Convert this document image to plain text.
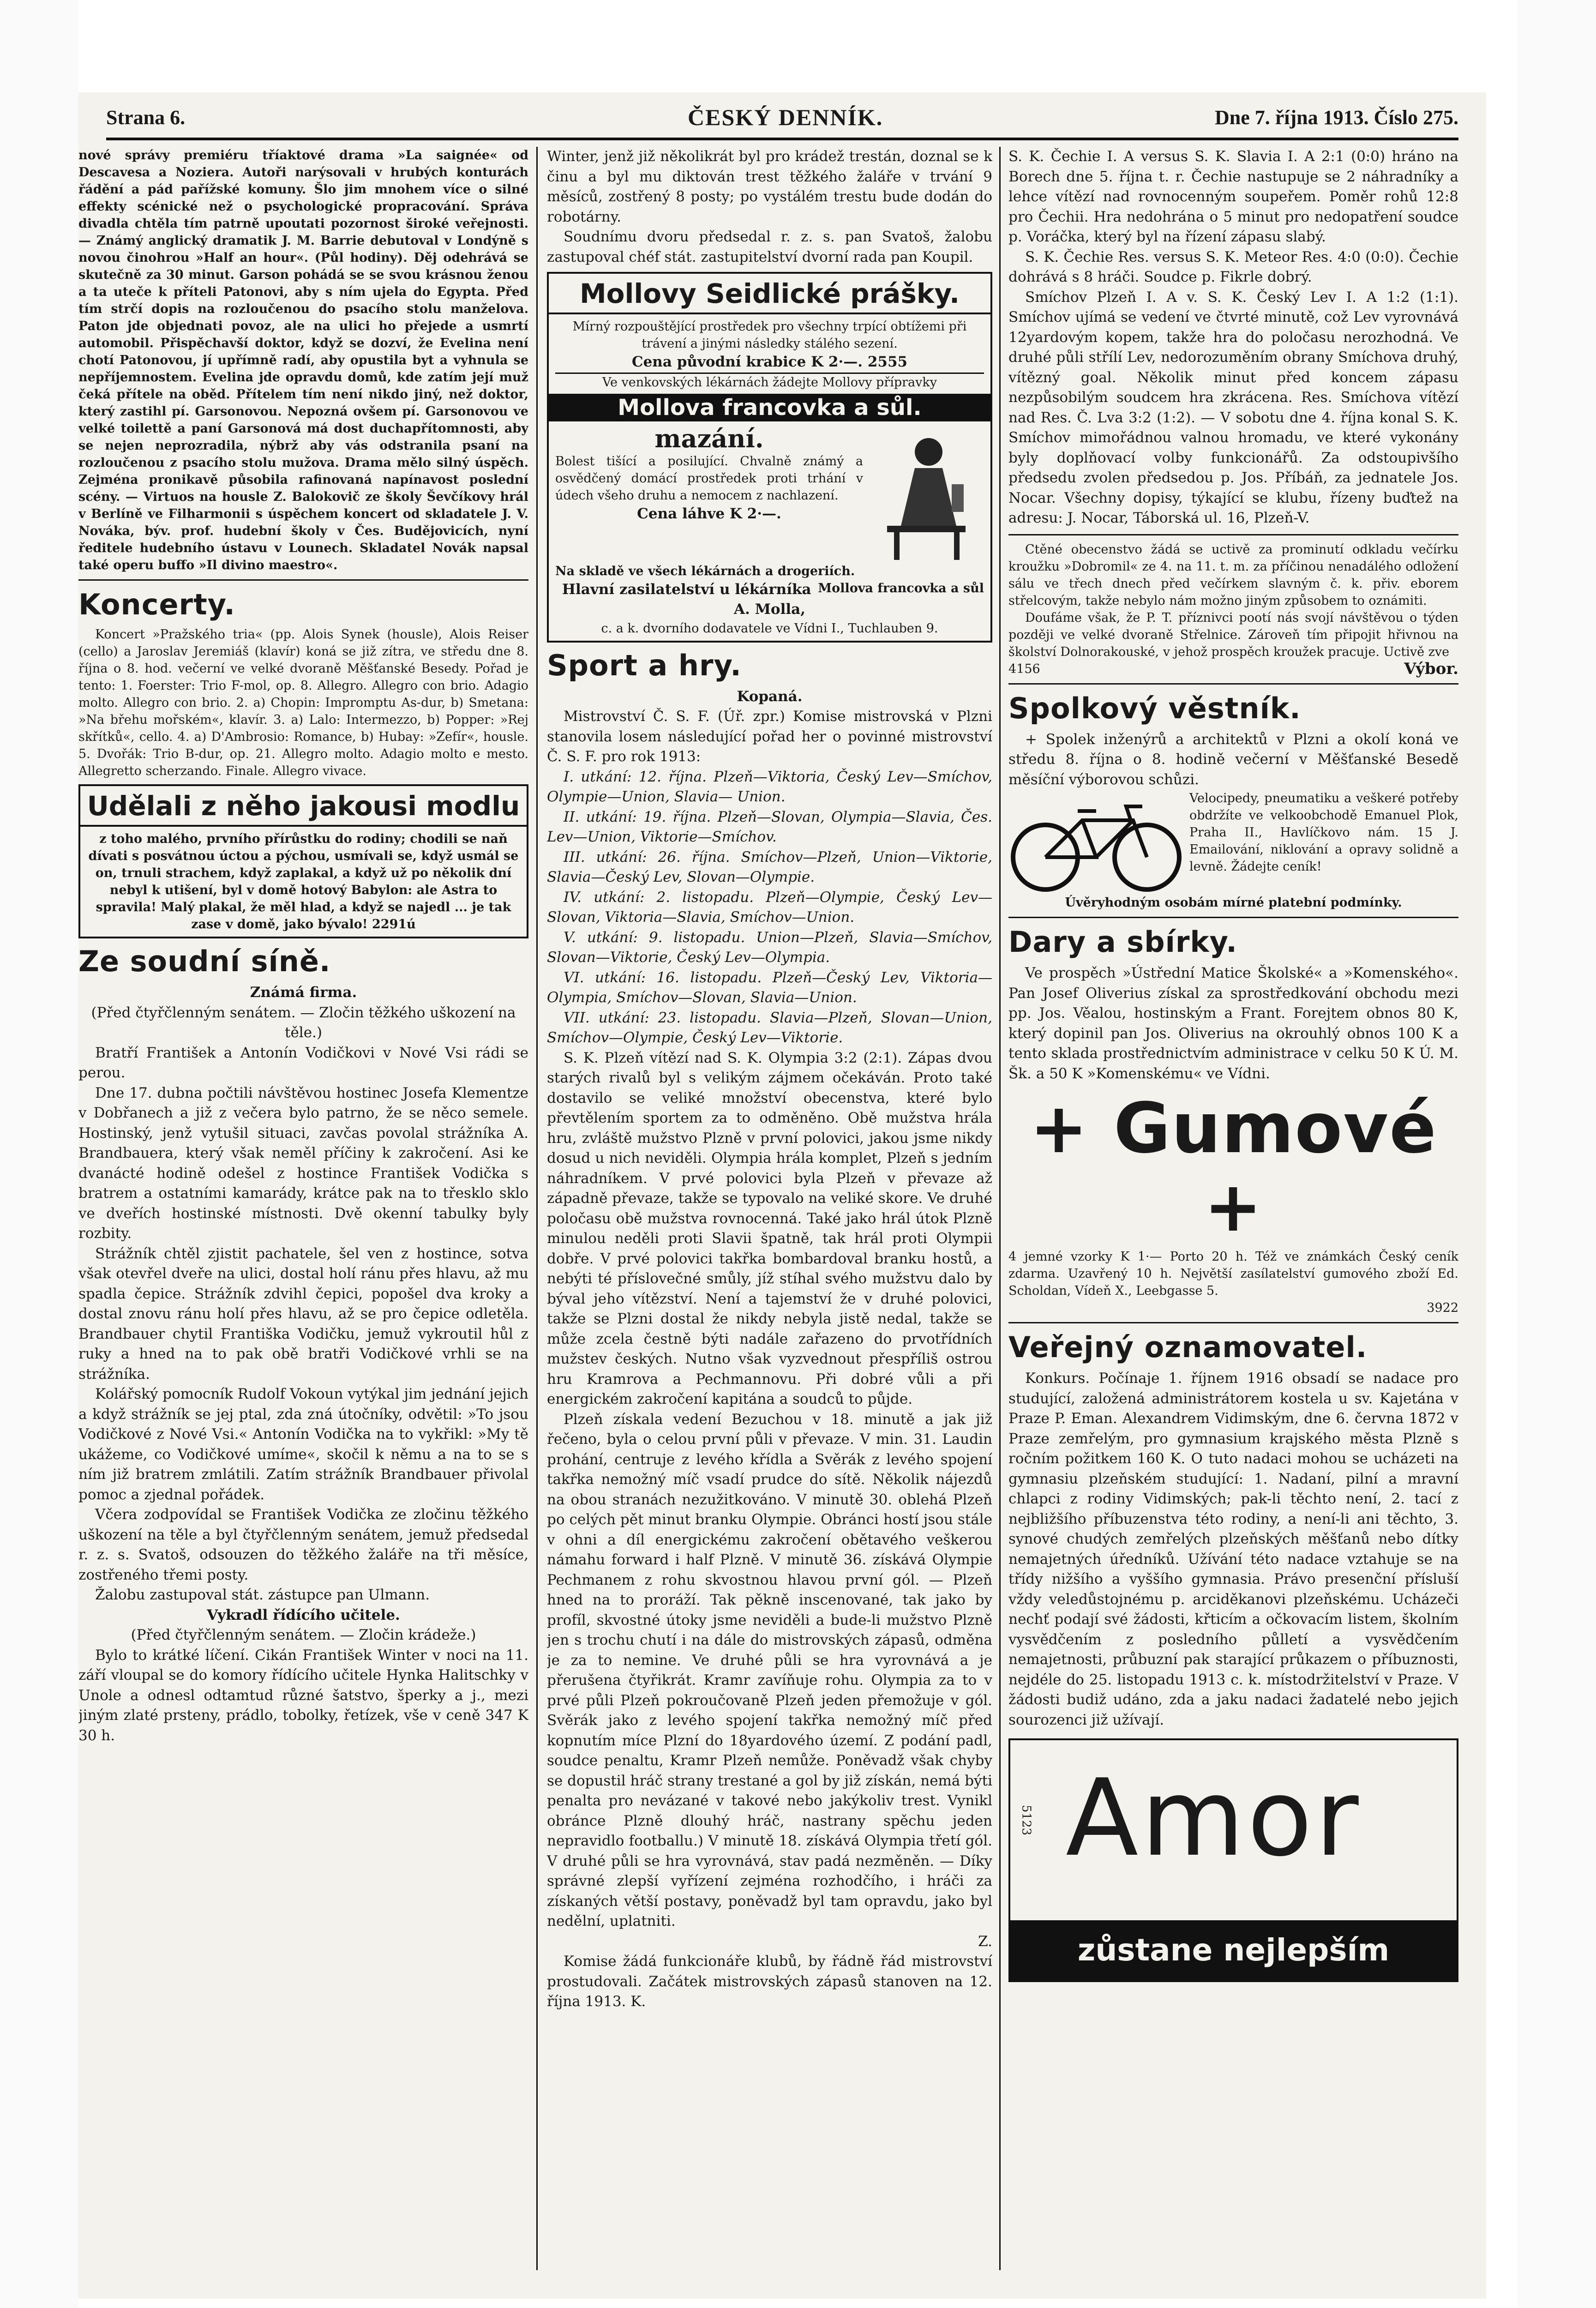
Strana 6.	ČESKÝ DENNÍK.	Dne 7. října 1913. Číslo 275.

nové správy premiéru tříaktové drama »La saignée« od Descavesa a Noziera. Autoři narýsovali v hrubých konturách řádění a pád pařížské komuny. Šlo jim mnohem více o silné effekty scénické než o psychologické propracování. Správa divadla chtěla tím patrně upoutati pozornost široké veřejnosti. — Známý anglický dramatik J. M. Barrie debutoval v Londýně s novou činohrou »Half an hour«. (Půl hodiny). Děj odehrává se skutečně za 30 minut. Garson pohádá se se svou krásnou ženou a ta uteče k příteli Patonovi, aby s ním ujela do Egypta. Před tím strčí dopis na rozloučenou do psacího stolu manželova. Paton jde objednati povoz, ale na ulici ho přejede a usmrtí automobil. Přispěchavší doktor, když se dozví, že Evelina není chotí Patonovou, jí upřímně radí, aby opustila byt a vyhnula se nepříjemnostem. Evelina jde opravdu domů, kde zatím její muž čeká přítele na oběd. Přítelem tím není nikdo jiný, než doktor, který zastihl pí. Garsonovou. Nepozná ovšem pí. Garsonovou ve velké toilettě a paní Garsonová má dost duchapřítomnosti, aby se nejen neprozradila, nýbrž aby vás odstranila psaní na rozloučenou z psacího stolu mužova. Drama mělo silný úspěch. Zejména pronikavě působila rafinovaná napínavost poslední scény. — Virtuos na housle Z. Balokovič ze školy Ševčíkovy hrál v Berlíně ve Filharmonii s úspěchem koncert od skladatele J. V. Nováka, býv. prof. hudební školy v Čes. Budějovicích, nyní ředitele hudebního ústavu v Lounech. Skladatel Novák napsal také operu buffo »Il divino maestro«.

Koncerty.

Koncert »Pražského tria« (pp. Alois Synek (housle), Alois Reiser (cello) a Jaroslav Jeremiáš (klavír) koná se již zítra, ve středu dne 8. října o 8. hod. večerní ve velké dvoraně Měšťanské Besedy. Pořad je tento: 1. Foerster: Trio F-mol, op. 8. Allegro. Allegro con brio. Adagio molto. Allegro con brio. 2. a) Chopin: Impromptu As-dur, b) Smetana: »Na břehu mořském«, klavír. 3. a) Lalo: Intermezzo, b) Popper: »Rej skřítků«, cello. 4. a) D'Ambrosio: Romance, b) Hubay: »Zefír«, housle. 5. Dvořák: Trio B-dur, op. 21. Allegro molto. Adagio molto e mesto. Allegretto scherzando. Finale. Allegro vivace.

Udělali z něho jakousi modlu

z toho malého, prvního přírůstku do rodiny; chodili se naň dívati s posvátnou úctou a pýchou, usmívali se, když usmál se on, trnuli strachem, když zaplakal, a když už po několik dní nebyl k utišení, byl v domě hotový Babylon: ale Astra to spravila! Malý plakal, že měl hlad, a když se najedl ... je tak zase v domě, jako bývalo! 2291ú

Ze soudní síně.

Známá firma.

(Před čtyřčlenným senátem. — Zločin těžkého uškození na těle.)

Bratří František a Antonín Vodičkovi v Nové Vsi rádi se perou.

Dne 17. dubna počtili návštěvou hostinec Josefa Klementze v Dobřanech a již z večera bylo patrno, že se něco semele. Hostinský, jenž vytušil situaci, zavčas povolal strážníka A. Brandbauera, který však neměl příčiny k zakročení. Asi ke dvanácté hodině odešel z hostince František Vodička s bratrem a ostatními kamarády, krátce pak na to třesklo sklo ve dveřích hostinské místnosti. Dvě okenní tabulky byly rozbity.

Strážník chtěl zjistit pachatele, šel ven z hostince, sotva však otevřel dveře na ulici, dostal holí ránu přes hlavu, až mu spadla čepice. Strážník zdvihl čepici, popošel dva kroky a dostal znovu ránu holí přes hlavu, až se pro čepice odletěla. Brandbauer chytil Františka Vodičku, jemuž vykroutil hůl z ruky a hned na to pak obě bratři Vodičkové vrhli se na strážníka.

Kolářský pomocník Rudolf Vokoun vytýkal jim jednání jejich a když strážník se jej ptal, zda zná útočníky, odvětil: »To jsou Vodičkové z Nové Vsi.« Antonín Vodička na to vykřikl: »My tě ukážeme, co Vodičkové umíme«, skočil k němu a na to se s ním již bratrem zmlátili. Zatím strážník Brandbauer přivolal pomoc a zjednal pořádek.

Včera zodpovídal se František Vodička ze zločinu těžkého uškození na těle a byl čtyřčlenným senátem, jemuž předsedal r. z. s. Svatoš, odsouzen do těžkého žaláře na tři měsíce, zostřeného třemi posty.

Žalobu zastupoval stát. zástupce pan Ulmann.

Vykradl řídícího učitele.

(Před čtyřčlenným senátem. — Zločin krádeže.)

Bylo to krátké líčení. Cikán František Winter v noci na 11. září vloupal se do komory řídícího učitele Hynka Halitschky v Unole a odnesl odtamtud různé šatstvo, šperky a j., mezi jiným zlaté prsteny, prádlo, tobolky, řetízek, vše v ceně 347 K 30 h.

Winter, jenž již několikrát byl pro krádež trestán, doznal se k činu a byl mu diktován trest těžkého žaláře v trvání 9 měsíců, zostřený 8 posty; po vystálém trestu bude dodán do robotárny.

Soudnímu dvoru předsedal r. z. s. pan Svatoš, žalobu zastupoval chéf stát. zastupitelství dvorní rada pan Koupil.

Mollovy Seidlické prášky.

Mírný rozpouštějící prostředek pro všechny trpící obtížemi při trávení a jinými následky stálého sezení.

Cena původní krabice K 2·—. 2555

Ve venkovských lékárnách žádejte Mollovy přípravky

Mollova francovka a sůl.

mazání.

Bolest tišící a posilující. Chvalně známý a osvědčený domácí prostředek proti trhání v údech všeho druhu a nemocem z nachlazení.

Cena láhve K 2·—.

Na skladě ve všech lékárnách a drogeriích.
Mollova francovka a sůl

Hlavní zasilatelství u lékárníka A. Molla,

c. a k. dvorního dodavatele ve Vídni I., Tuchlauben 9.

Sport a hry.

Kopaná.

Mistrovství Č. S. F. (Úř. zpr.) Komise mistrovská v Plzni stanovila losem následující pořad her o povinné mistrovství Č. S. F. pro rok 1913:

I. utkání: 12. října. Plzeň—Viktoria, Český Lev—Smíchov, Olympie—Union, Slavia— Union.

II. utkání: 19. října. Plzeň—Slovan, Olympia—Slavia, Čes. Lev—Union, Viktorie—Smíchov.

III. utkání: 26. října. Smíchov—Plzeň, Union—Viktorie, Slavia—Český Lev, Slovan—Olympie.

IV. utkání: 2. listopadu. Plzeň—Olympie, Český Lev—Slovan, Viktoria—Slavia, Smíchov—Union.

V. utkání: 9. listopadu. Union—Plzeň, Slavia—Smíchov, Slovan—Viktorie, Český Lev—Olympia.

VI. utkání: 16. listopadu. Plzeň—Český Lev, Viktoria—Olympia, Smíchov—Slovan, Slavia—Union.

VII. utkání: 23. listopadu. Slavia—Plzeň, Slovan—Union, Smíchov—Olympie, Český Lev—Viktorie.

S. K. Plzeň vítězí nad S. K. Olympia 3:2 (2:1). Zápas dvou starých rivalů byl s velikým zájmem očekáván. Proto také dostavilo se veliké množství obecenstva, které bylo převtělením sportem za to odměněno. Obě mužstva hrála hru, zvláště mužstvo Plzně v první polovici, jakou jsme nikdy dosud u nich neviděli. Olympia hrála komplet, Plzeň s jedním náhradníkem. V prvé polovici byla Plzeň v převaze až západně převaze, takže se typovalo na veliké skore. Ve druhé poločasu obě mužstva rovnocenná. Také jako hrál útok Plzně minulou neděli proti Slavii špatně, tak hrál proti Olympii dobře. V prvé polovici takřka bombardoval branku hostů, a nebýti té příslovečné smůly, jíž stíhal svého mužstvu dalo by býval jeho vítězství. Není a tajemství že v druhé polovici, takže se Plzni dostal že nikdy nebyla jistě nedal, takže se může zcela čestně býti nadále zařazeno do prvotřídních mužstev českých. Nutno však vyzvednout přespříliš ostrou hru Kramrova a Pechmannovu. Při dobré vůli a při energickém zakročení kapitána a soudců to půjde.

Plzeň získala vedení Bezuchou v 18. minutě a jak již řečeno, byla o celou první půli v převaze. V min. 31. Laudin prohání, centruje z levého křídla a Svěrák z levého spojení takřka nemožný míč vsadí prudce do sítě. Několik nájezdů na obou stranách nezužitkováno. V minutě 30. oblehá Plzeň po celých pět minut branku Olympie. Obránci hostí jsou stále v ohni a díl energickému zakročení obětavého veškerou námahu forward i half Plzně. V minutě 36. získává Olympie Pechmanem z rohu skvostnou hlavou první gól. — Plzeň hned na to proráží. Tak pěkně inscenované, tak jako by profíl, skvostné útoky jsme neviděli a bude-li mužstvo Plzně jen s trochu chutí i na dále do mistrovských zápasů, odměna je za to nemine. Ve druhé půli se hra vyrovnává a je přerušena čtyřikrát. Kramr zavíňuje rohu. Olympia za to v prvé půli Plzeň pokroučovaně Plzeň jeden přemožuje v gól. Svěrák jako z levého spojení takřka nemožný míč před kopnutím míce Plzní do 18yardového území. Z podání padl, soudce penaltu, Kramr Plzeň nemůže. Poněvadž však chyby se dopustil hráč strany trestané a gol by již získán, nemá býti penalta pro nevázané v takové nebo jakýkoliv trest. Vynikl obránce Plzně dlouhý hráč, nastrany spěchu jeden nepravidlo footballu.) V minutě 18. získává Olympia třetí gól. V druhé půli se hra vyrovnává, stav padá nezměněn. — Díky správné zlepší vyřízení zejména rozhodčího, i hráči za získaných větší postavy, poněvadž byl tam opravdu, jako byl nedělní, uplatniti.

Z.

Komise žádá funkcionáře klubů, by řádně řád mistrovství prostudovali. Začátek mistrovských zápasů stanoven na 12. října 1913. K.

S. K. Čechie I. A versus S. K. Slavia I. A 2:1 (0:0) hráno na Borech dne 5. října t. r. Čechie nastupuje se 2 náhradníky a lehce vítězí nad rovnocenným soupeřem. Poměr rohů 12:8 pro Čechii. Hra nedohrána o 5 minut pro nedopatření soudce p. Voráčka, který byl na řízení zápasu slabý.

S. K. Čechie Res. versus S. K. Meteor Res. 4:0 (0:0). Čechie dohrává s 8 hráči. Soudce p. Fikrle dobrý.

Smíchov Plzeň I. A v. S. K. Český Lev I. A 1:2 (1:1). Smíchov ujímá se vedení ve čtvrté minutě, což Lev vyrovnává 12yardovým kopem, takže hra do poločasu nerozhodná. Ve druhé půli střílí Lev, nedorozuměním obrany Smíchova druhý, vítězný goal. Několik minut před koncem zápasu nezpůsobilým soudcem hra zkrácena. Res. Smíchova vítězí nad Res. Č. Lva 3:2 (1:2). — V sobotu dne 4. října konal S. K. Smíchov mimořádnou valnou hromadu, ve které vykonány byly doplňovací volby funkcionářů. Za odstoupivšího předsedu zvolen předsedou p. Jos. Příbáň, za jednatele Jos. Nocar. Všechny dopisy, týkající se klubu, řízeny buďtež na adresu: J. Nocar, Táborská ul. 16, Plzeň-V.

Ctěné obecenstvo žádá se uctivě za prominutí odkladu večírku kroužku »Dobromil« ze 4. na 11. t. m. za příčinou nenadálého odložení sálu ve třech dnech před večírkem slavným č. k. přiv. eborem střelcovým, takže nebylo nám možno jiným způsobem to oznámiti.

Doufáme však, že P. T. příznivci pootí nás svojí návštěvou o týden později ve velké dvoraně Střelnice. Zároveň tím připojit hřivnou na školství Dolnorakouské, v jehož prospěch kroužek pracuje. Uctivě zve

4156	Výbor.

Spolkový věstník.

+ Spolek inženýrů a architektů v Plzni a okolí koná ve středu 8. října o 8. hodině večerní v Měšťanské Besedě měsíční výborovou schůzi.

Velocipedy, pneumatiku a veškeré potřeby obdržíte ve velkoobchodě Emanuel Plok, Praha II., Havlíčkovo nám. 15 J. Emailování, niklování a opravy solidně a levně. Žádejte ceník!

Úvěryhodným osobám mírné platební podmínky.

Dary a sbírky.

Ve prospěch »Ústřední Matice Školské« a »Komenského«. Pan Josef Oliverius získal za sprostředkování obchodu mezi pp. Jos. Věalou, hostinským a Frant. Forejtem obnos 80 K, který dopinil pan Jos. Oliverius na okrouhlý obnos 100 K a tento sklada prostřednictvím administrace v celku 50 K Ú. M. Šk. a 50 K »Komenskému« ve Vídni.

+ Gumové +

4 jemné vzorky K 1·— Porto 20 h. Též ve známkách Český ceník zdarma. Uzavřený 10 h. Největší zasílatelství gumového zboží Ed. Scholdan, Vídeň X., Leebgasse 5.

3922

Veřejný oznamovatel.

Konkurs. Počínaje 1. říjnem 1916 obsadí se nadace pro studující, založená administrátorem kostela u sv. Kajetána v Praze P. Eman. Alexandrem Vidimským, dne 6. června 1872 v Praze zemřelým, pro gymnasium krajského města Plzně s ročním požitkem 160 K. O tuto nadaci mohou se ucházeti na gymnasiu plzeňském studující: 1. Nadaní, pilní a mravní chlapci z rodiny Vidimských; pak-li těchto není, 2. tací z nejbližšího příbuzenstva této rodiny, a není-li ani těchto, 3. synové chudých zemřelých plzeňských měšťanů nebo dítky nemajetných úředníků. Užívání této nadace vztahuje se na třídy nižšího a vyššího gymnasia. Právo presenční přísluší vždy veledůstojnému p. arciděkanovi plzeňskému. Ucházeči nechť podají své žádosti, křticím a očkovacím listem, školním vysvědčením z posledního půlletí a vysvědčením nemajetnosti, průbuzní pak starající průkazem o příbuznosti, nejdéle do 25. listopadu 1913 c. k. místodržitelství v Praze. V žádosti budiž udáno, zda a jaku nadaci žadatelé nebo jejich sourozenci již užívají.

5123 Amor
zůstane nejlepším leštidlem kovů.
